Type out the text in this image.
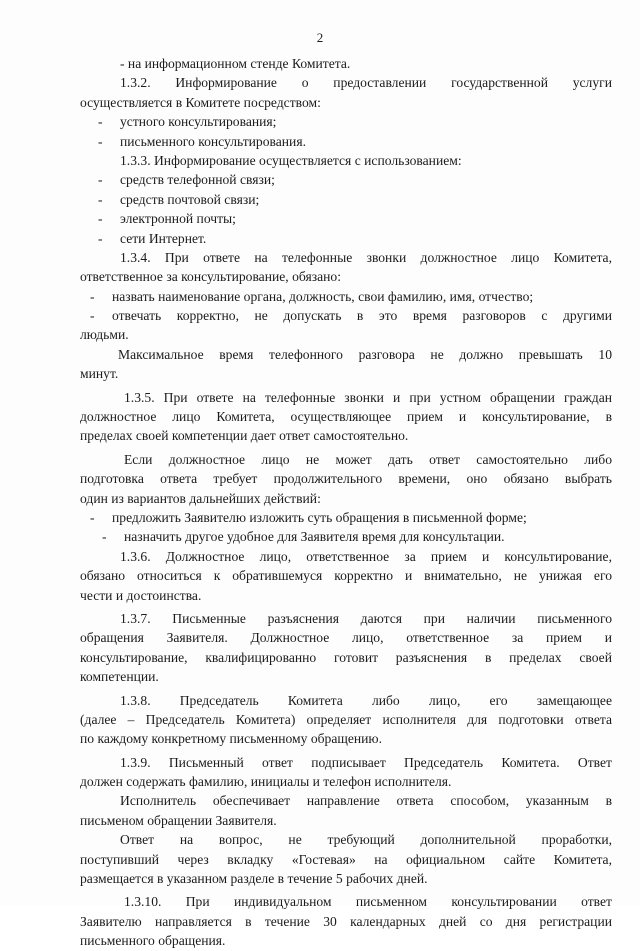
2
- на информационном стенде Комитета.
1.3.2. Информирование о предоставлении государственной услуги
осуществляется в Комитете посредством:
- устного консультирования;
- письменного консультирования.
1.3.3. Информирование осуществляется с использованием:
- средств телефонной связи;
- средств почтовой связи;
- электронной почты;
- сети Интернет.
1.3.4. При ответе на телефонные звонки должностное лицо Комитета,
ответственное за консультирование, обязано:
- назвать наименование органа, должность, свои фамилию, имя, отчество;
- отвечать корректно, не допускать в это время разговоров с другими
людьми.
Максимальное время телефонного разговора не должно превышать 10
минут.
1.3.5. При ответе на телефонные звонки и при устном обращении граждан
должностное лицо Комитета, осуществляющее прием и консультирование, в
пределах своей компетенции дает ответ самостоятельно.
Если должностное лицо не может дать ответ самостоятельно либо
подготовка ответа требует продолжительного времени, оно обязано выбрать
один из вариантов дальнейших действий:
- предложить Заявителю изложить суть обращения в письменной форме;
- назначить другое удобное для Заявителя время для консультации.
1.3.6. Должностное лицо, ответственное за прием и консультирование,
обязано относиться к обратившемуся корректно и внимательно, не унижая его
чести и достоинства.
1.3.7. Письменные разъяснения даются при наличии письменного
обращения Заявителя. Должностное лицо, ответственное за прием и
консультирование, квалифицированно готовит разъяснения в пределах своей
компетенции.
1.3.8. Председатель Комитета либо лицо, его замещающее
(далее – Председатель Комитета) определяет исполнителя для подготовки ответа
по каждому конкретному письменному обращению.
1.3.9. Письменный ответ подписывает Председатель Комитета. Ответ
должен содержать фамилию, инициалы и телефон исполнителя.
Исполнитель обеспечивает направление ответа способом, указанным в
письменом обращении Заявителя.
Ответ на вопрос, не требующий дополнительной проработки,
поступивший через вкладку «Гостевая» на официальном сайте Комитета,
размещается в указанном разделе в течение 5 рабочих дней.
1.3.10. При индивидуальном письменном консультировании ответ
Заявителю направляется в течение 30 календарных дней со дня регистрации
письменного обращения.
